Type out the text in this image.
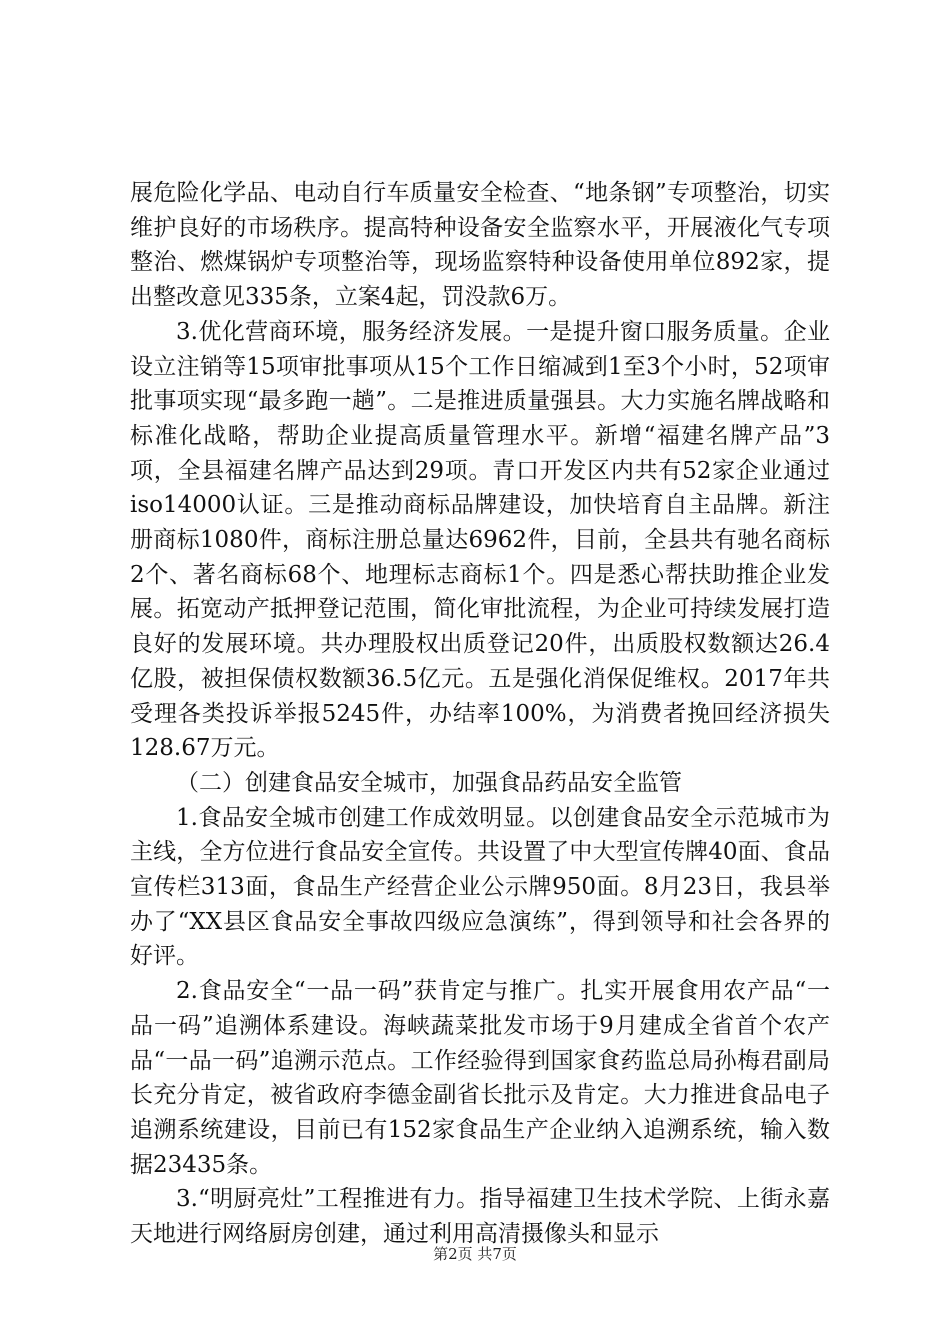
展危险化学品、电动自行车质量安全检查、“地条钢”专项整治，切实维护良好的市场秩序。提高特种设备安全监察水平，开展液化气专项整治、燃煤锅炉专项整治等，现场监察特种设备使用单位892家，提出整改意见335条，立案4起，罚没款6万。

3.优化营商环境，服务经济发展。一是提升窗口服务质量。企业设立注销等15项审批事项从15个工作日缩减到1至3个小时，52项审批事项实现“最多跑一趟”。二是推进质量强县。大力实施名牌战略和标准化战略，帮助企业提高质量管理水平。新增“福建名牌产品”3项，全县福建名牌产品达到29项。青口开发区内共有52家企业通过iso14000认证。三是推动商标品牌建设，加快培育自主品牌。新注册商标1080件，商标注册总量达6962件，目前，全县共有驰名商标2个、著名商标68个、地理标志商标1个。四是悉心帮扶助推企业发展。拓宽动产抵押登记范围，简化审批流程，为企业可持续发展打造良好的发展环境。共办理股权出质登记20件，出质股权数额达26.4亿股，被担保债权数额36.5亿元。五是强化消保促维权。2017年共受理各类投诉举报5245件，办结率100%，为消费者挽回经济损失128.67万元。

（二）创建食品安全城市，加强食品药品安全监管

1.食品安全城市创建工作成效明显。以创建食品安全示范城市为主线，全方位进行食品安全宣传。共设置了中大型宣传牌40面、食品宣传栏313面，食品生产经营企业公示牌950面。8月23日，我县举办了“XX县区食品安全事故四级应急演练”，得到领导和社会各界的好评。

2.食品安全“一品一码”获肯定与推广。扎实开展食用农产品“一品一码”追溯体系建设。海峡蔬菜批发市场于9月建成全省首个农产品“一品一码”追溯示范点。工作经验得到国家食药监总局孙梅君副局长充分肯定，被省政府李德金副省长批示及肯定。大力推进食品电子追溯系统建设，目前已有152家食品生产企业纳入追溯系统，输入数据23435条。

3.“明厨亮灶”工程推进有力。指导福建卫生技术学院、上街永嘉天地进行网络厨房创建，通过利用高清摄像头和显示

第2页 共7页
